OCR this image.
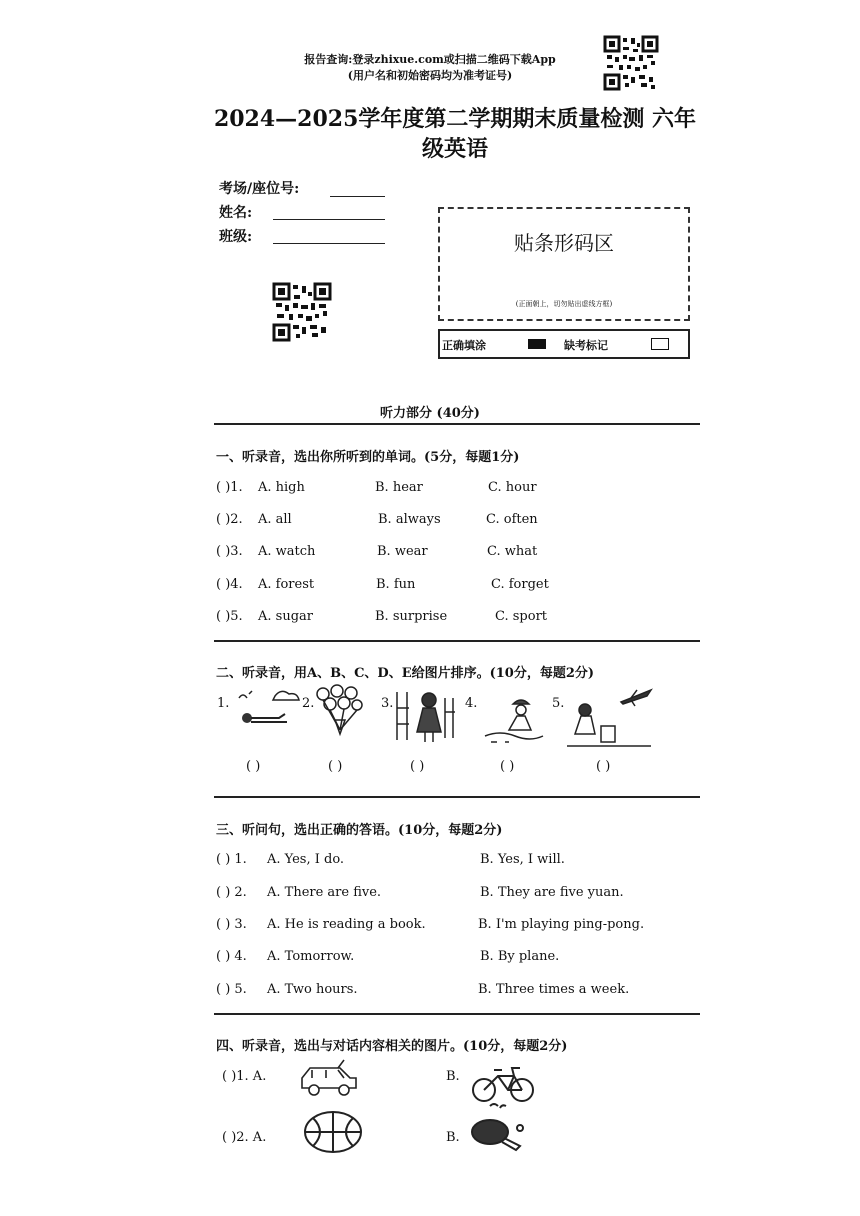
报告查询:登录zhixue.com或扫描二维码下载App
(用户名和初始密码均为准考证号)
2024—2025学年度第二学期期末质量检测 六年
级英语
考场/座位号:
姓名:
班级:	贴条形码区
(正面朝上，切勿贴出虚线方框)
正确填涂	缺考标记
听力部分 (40分)
一、听录音，选出你所听到的单词。(5分，每题1分)
( )1. A. high	B. hear	C. hour
( )2. A. all	B. always	C. often
( )3. A. watch	B. wear	C. what
( )4. A. forest	B. fun	C. forget
( )5. A. sugar	B. surprise	C. sport
二、听录音，用A、B、C、D、E给图片排序。(10分，每题2分)
1.	2.	3.	4.	5.
( )	( )	( )	( )	( )
三、听问句，选出正确的答语。(10分，每题2分)
( ) 1. A. Yes, I do.	B. Yes, I will.
( ) 2. A. There are five.	B. They are five yuan.
( ) 3. A. He is reading a book.	B. I'm playing ping-pong.
( ) 4. A. Tomorrow.	B. By plane.
( ) 5. A. Two hours.	B. Three times a week.
四、听录音，选出与对话内容相关的图片。(10分，每题2分)
( )1. A.	B.
( )2. A.	B.
